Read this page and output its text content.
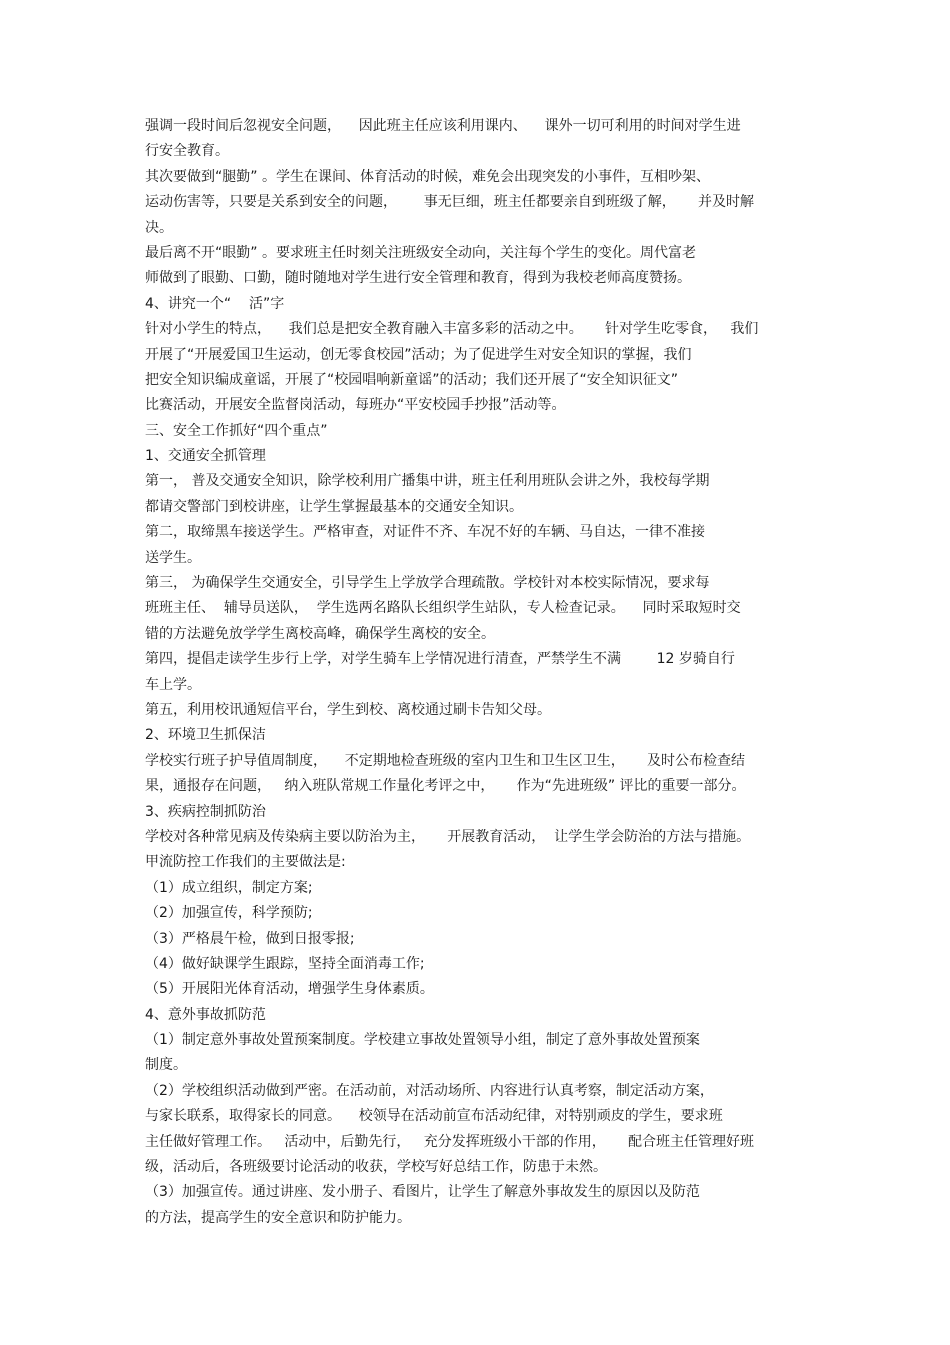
强调一段时间后忽视安全问题，    因此班主任应该利用课内、    课外一切可利用的时间对学生进
行安全教育。
其次要做到“腿勤” 。学生在课间、体育活动的时候，难免会出现突发的小事件，互相吵架、
运动伤害等，只要是关系到安全的问题，      事无巨细，班主任都要亲自到班级了解，     并及时解
决。
最后离不开“眼勤” 。要求班主任时刻关注班级安全动向，关注每个学生的变化。周代富老
师做到了眼勤、口勤，随时随地对学生进行安全管理和教育，得到为我校老师高度赞扬。
4、讲究一个“    活”字
针对小学生的特点，    我们总是把安全教育融入丰富多彩的活动之中。     针对学生吃零食，   我们
开展了“开展爱国卫生运动，创无零食校园”活动；为了促进学生对安全知识的掌握，我们
把安全知识编成童谣，开展了“校园唱响新童谣”的活动；我们还开展了“安全知识征文”
比赛活动，开展安全监督岗活动，每班办“平安校园手抄报”活动等。
三、安全工作抓好“四个重点”
1、交通安全抓管理
第一， 普及交通安全知识，除学校利用广播集中讲，班主任利用班队会讲之外，我校每学期
都请交警部门到校讲座，让学生掌握最基本的交通安全知识。
第二，取缔黑车接送学生。严格审查，对证件不齐、车况不好的车辆、马自达，一律不准接
送学生。
第三， 为确保学生交通安全，引导学生上学放学合理疏散。学校针对本校实际情况，要求每
班班主任、  辅导员送队，  学生选两名路队长组织学生站队，专人检查记录。    同时采取短时交
错的方法避免放学学生离校高峰，确保学生离校的安全。
第四，提倡走读学生步行上学，对学生骑车上学情况进行清查，严禁学生不满        12 岁骑自行
车上学。
第五，利用校讯通短信平台，学生到校、离校通过刷卡告知父母。
2、环境卫生抓保洁
学校实行班子护导值周制度，    不定期地检查班级的室内卫生和卫生区卫生，     及时公布检查结
果，通报存在问题，   纳入班队常规工作量化考评之中，     作为“先进班级” 评比的重要一部分。
3、疾病控制抓防治
学校对各种常见病及传染病主要以防治为主，     开展教育活动，  让学生学会防治的方法与措施。
甲流防控工作我们的主要做法是:
（1）成立组织，制定方案;
（2）加强宣传，科学预防;
（3）严格晨午检，做到日报零报;
（4）做好缺课学生跟踪，坚持全面消毒工作;
（5）开展阳光体育活动，增强学生身体素质。
4、意外事故抓防范
（1）制定意外事故处置预案制度。学校建立事故处置领导小组，制定了意外事故处置预案
制度。
（2）学校组织活动做到严密。在活动前，对活动场所、内容进行认真考察，制定活动方案，
与家长联系，取得家长的同意。    校领导在活动前宣布活动纪律，对特别顽皮的学生，要求班
主任做好管理工作。   活动中，后勤先行，   充分发挥班级小干部的作用，     配合班主任管理好班
级，活动后，各班级要讨论活动的收获，学校写好总结工作，防患于未然。
（3）加强宣传。通过讲座、发小册子、看图片，让学生了解意外事故发生的原因以及防范
的方法，提高学生的安全意识和防护能力。
